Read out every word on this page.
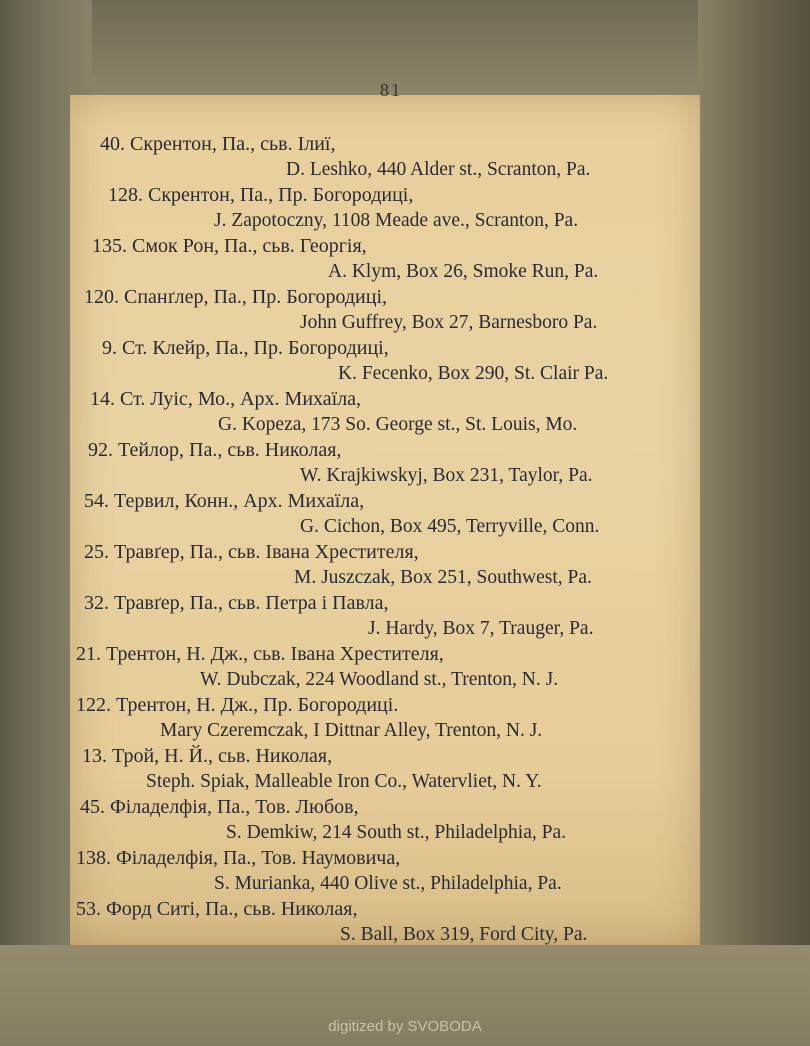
81
40. Скрентон, Па., сьв. Ілиї,
D. Leshko, 440 Alder st., Scranton, Pa.
128. Скрентон, Па., Пр. Богородиці,
J. Zapotoczny, 1108 Meade ave., Scranton, Pa.
135. Смок Рон, Па., сьв. Георгія,
A. Klym, Box 26, Smoke Run, Pa.
120. Спанґлер, Па., Пр. Богородиці,
John Guffrey, Box 27, Barnesboro Pa.
9. Ст. Клейр, Па., Пр. Богородиці,
K. Fecenko, Box 290, St. Clair Pa.
14. Ст. Луіс, Мо., Арх. Михаїла,
G. Kopeza, 173 So. George st., St. Louis, Mo.
92. Тейлор, Па., сьв. Николая,
W. Krajkiwskyj, Box 231, Taylor, Pa.
54. Тервил, Конн., Арх. Михаїла,
G. Cichon, Box 495, Terryville, Conn.
25. Травґер, Па., сьв. Івана Хрестителя,
M. Juszczak, Box 251, Southwest, Pa.
32. Травґер, Па., сьв. Петра і Павла,
J. Hardy, Box 7, Trauger, Pa.
21. Трентон, Н. Дж., сьв. Івана Хрестителя,
W. Dubczak, 224 Woodland st., Trenton, N. J.
122. Трентон, Н. Дж., Пр. Богородиці.
Mary Czeremczak, I Dittnar Alley, Trenton, N. J.
13. Трой, Н. Й., сьв. Николая,
Steph. Spiak, Malleable Iron Co., Watervliet, N. Y.
45. Філаделфія, Па., Тов. Любов,
S. Demkiw, 214 South st., Philadelphia, Pa.
138. Філаделфія, Па., Тов. Наумовича,
S. Murianka, 440 Olive st., Philadelphia, Pa.
53. Форд Ситі, Па., сьв. Николая,
S. Ball, Box 319, Ford City, Pa.
digitized by SVOBODA
